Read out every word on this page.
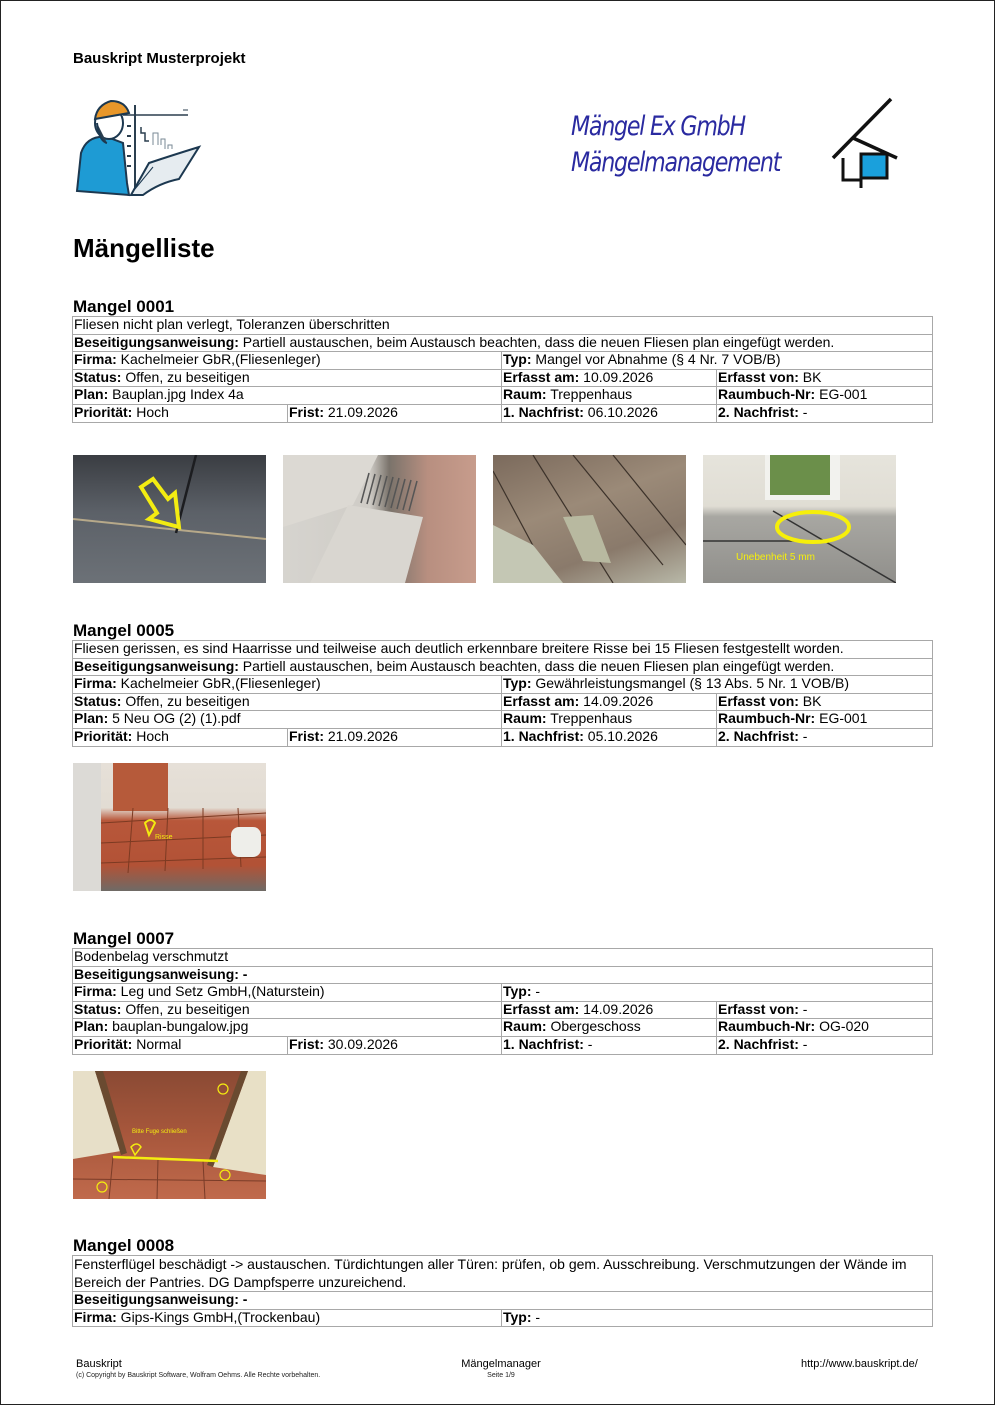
Bauskript Musterprojekt
Mängel Ex GmbH
Mängelmanagement
Mängelliste
Mangel 0001
Fliesen nicht plan verlegt, Toleranzen überschritten			
Beseitigungsanweisung: Partiell austauschen, beim Austausch beachten, dass die neuen Fliesen plan eingefügt werden.			
Firma: Kachelmeier GbR,(Fliesenleger)		Typ: Mangel vor Abnahme (§ 4 Nr. 7 VOB/B)	
Status: Offen, zu beseitigen		Erfasst am: 10.09.2026	Erfasst von: BK
Plan: Bauplan.jpg Index 4a		Raum: Treppenhaus	Raumbuch-Nr: EG-001
Priorität: Hoch	Frist: 21.09.2026	1. Nachfrist: 06.10.2026	2. Nachfrist: -
Unebenheit 5 mm
Mangel 0005
Fliesen gerissen, es sind Haarrisse und teilweise auch deutlich erkennbare breitere Risse bei 15 Fliesen festgestellt worden.			
Beseitigungsanweisung: Partiell austauschen, beim Austausch beachten, dass die neuen Fliesen plan eingefügt werden.			
Firma: Kachelmeier GbR,(Fliesenleger)		Typ: Gewährleistungsmangel (§ 13 Abs. 5 Nr. 1 VOB/B)	
Status: Offen, zu beseitigen		Erfasst am: 14.09.2026	Erfasst von: BK
Plan: 5 Neu OG (2) (1).pdf		Raum: Treppenhaus	Raumbuch-Nr: EG-001
Priorität: Hoch	Frist: 21.09.2026	1. Nachfrist: 05.10.2026	2. Nachfrist: -
Risse
Mangel 0007
Bodenbelag verschmutzt			
Beseitigungsanweisung: -			
Firma: Leg und Setz GmbH,(Naturstein)		Typ: -	
Status: Offen, zu beseitigen		Erfasst am: 14.09.2026	Erfasst von: -
Plan: bauplan-bungalow.jpg		Raum: Obergeschoss	Raumbuch-Nr: OG-020
Priorität: Normal	Frist: 30.09.2026	1. Nachfrist: -	2. Nachfrist: -
Bitte Fuge schließen
Mangel 0008
Fensterflügel beschädigt -> austauschen. Türdichtungen aller Türen: prüfen, ob gem. Ausschreibung. Verschmutzungen der Wände im Bereich der Pantries. DG Dampfsperre unzureichend.
Beseitigungsanweisung: -
Firma: Gips-Kings GmbH,(Trockenbau)	Typ: -
Bauskript
(c) Copyright by Bauskript Software, Wolfram Oehms. Alle Rechte vorbehalten.
Mängelmanager
Seite 1/9
http://www.bauskript.de/
